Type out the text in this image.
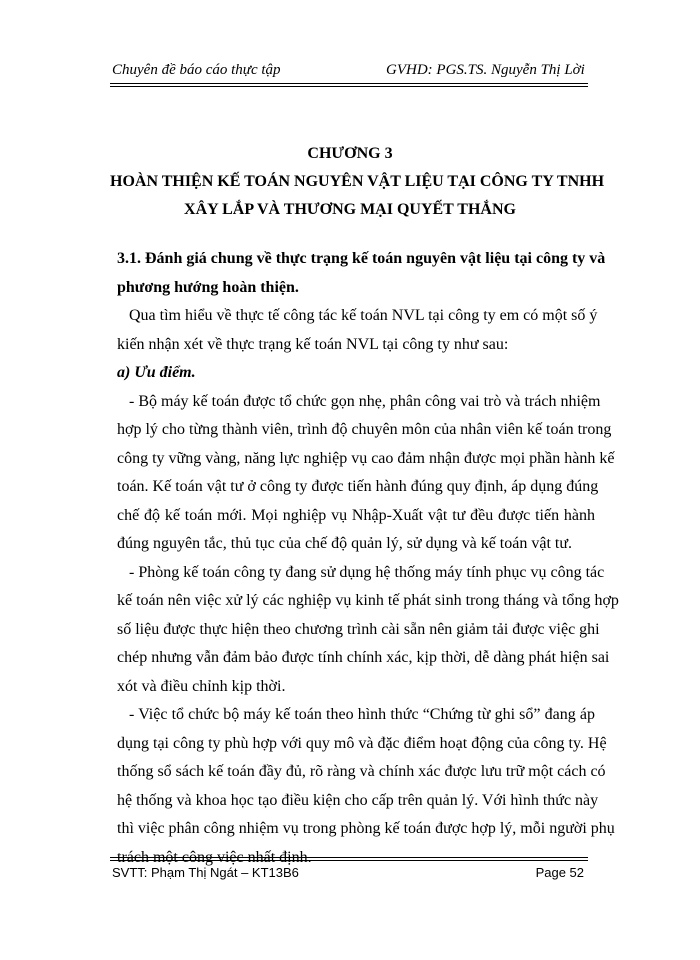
Chuyên đề báo cáo thực tập	GVHD: PGS.TS. Nguyễn Thị Lời
CHƯƠNG 3
HOÀN THIỆN KẾ TOÁN NGUYÊN VẬT LIỆU TẠI CÔNG TY TNHH
XÂY LẮP VÀ THƯƠNG MẠI QUYẾT THẮNG
3.1. Đánh giá chung về thực trạng kế toán nguyên vật liệu tại công ty và
phương hướng hoàn thiện.
Qua tìm hiểu về thực tế công tác kế toán NVL tại công ty em có một số ý
kiến nhận xét về thực trạng kế toán NVL tại công ty như sau:
a) Ưu điểm.
- Bộ máy kế toán được tổ chức gọn nhẹ, phân công vai trò và trách nhiệm
hợp lý cho từng thành viên, trình độ chuyên môn của nhân viên kế toán trong
công ty vững vàng, năng lực nghiệp vụ cao đảm nhận được mọi phần hành kế
toán. Kế toán vật tư ở công ty được tiến hành đúng quy định, áp dụng đúng
chế độ kế toán mới. Mọi nghiệp vụ Nhập-Xuất vật tư đều được tiến hành
đúng nguyên tắc, thủ tục của chế độ quản lý, sử dụng và kế toán vật tư.
- Phòng kế toán công ty đang sử dụng hệ thống máy tính phục vụ công tác
kế toán nên việc xử lý các nghiệp vụ kinh tế phát sinh trong tháng và tổng hợp
số liệu được thực hiện theo chương trình cài sẵn nên giảm tải được việc ghi
chép nhưng vẫn đảm bảo được tính chính xác, kịp thời, dễ dàng phát hiện sai
xót và điều chỉnh kịp thời.
- Việc tổ chức bộ máy kế toán theo hình thức “Chứng từ ghi sổ” đang áp
dụng tại công ty phù hợp với quy mô và đặc điểm hoạt động của công ty. Hệ
thống sổ sách kế toán đầy đủ, rõ ràng và chính xác được lưu trữ một cách có
hệ thống và khoa học tạo điều kiện cho cấp trên quản lý. Với hình thức này
thì việc phân công nhiệm vụ trong phòng kế toán được hợp lý, mỗi người phụ
trách một công việc nhất định.
SVTT: Phạm Thị Ngát – KT13B6	Page 52
